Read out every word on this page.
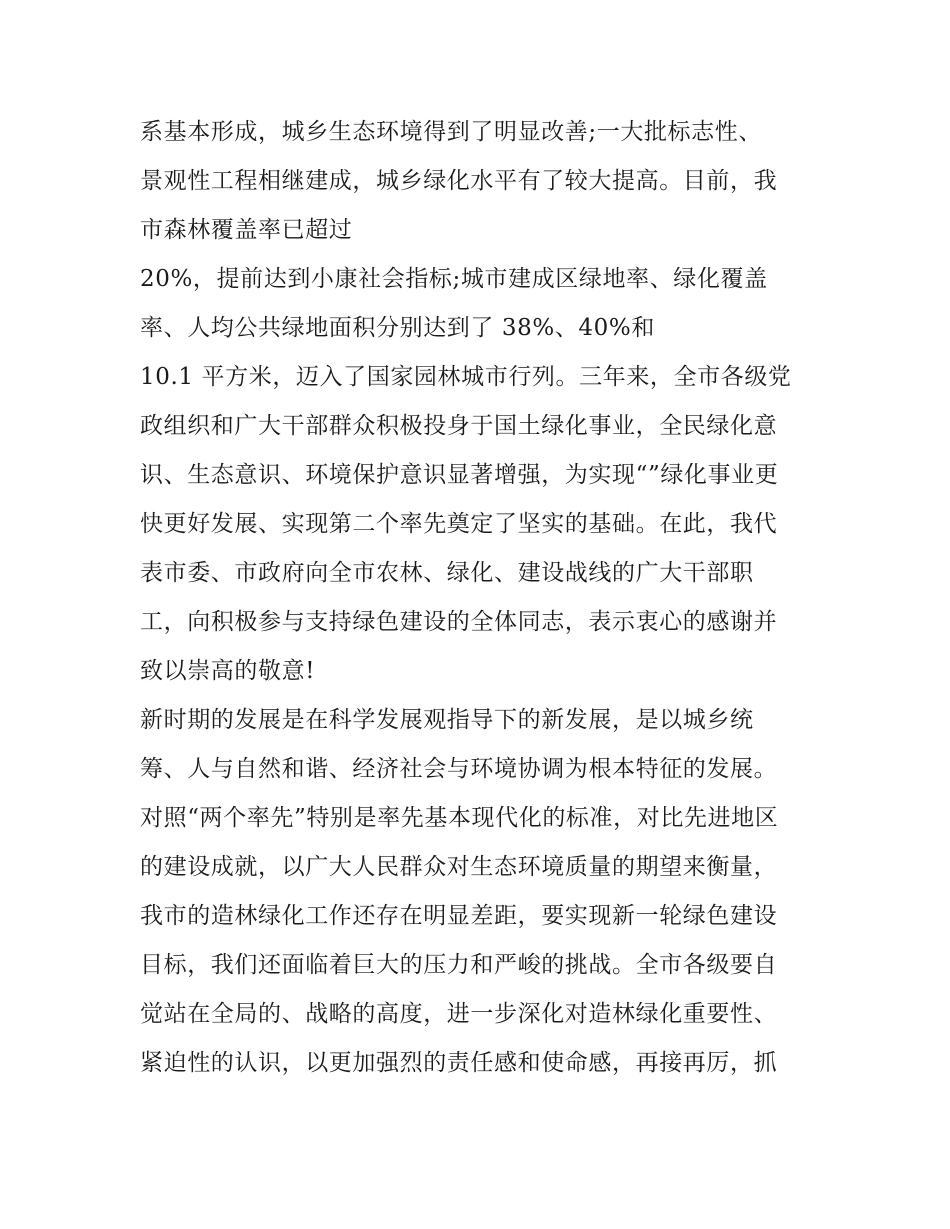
系基本形成，城乡生态环境得到了明显改善;一大批标志性、
景观性工程相继建成，城乡绿化水平有了较大提高。目前，我
市森林覆盖率已超过
20%，提前达到小康社会指标;城市建成区绿地率、绿化覆盖
率、人均公共绿地面积分别达到了 38%、40%和
10.1 平方米，迈入了国家园林城市行列。三年来，全市各级党
政组织和广大干部群众积极投身于国土绿化事业，全民绿化意
识、生态意识、环境保护意识显著增强，为实现“”绿化事业更
快更好发展、实现第二个率先奠定了坚实的基础。在此，我代
表市委、市政府向全市农林、绿化、建设战线的广大干部职
工，向积极参与支持绿色建设的全体同志，表示衷心的感谢并
致以崇高的敬意!
新时期的发展是在科学发展观指导下的新发展，是以城乡统
筹、人与自然和谐、经济社会与环境协调为根本特征的发展。
对照“两个率先”特别是率先基本现代化的标准，对比先进地区
的建设成就，以广大人民群众对生态环境质量的期望来衡量，
我市的造林绿化工作还存在明显差距，要实现新一轮绿色建设
目标，我们还面临着巨大的压力和严峻的挑战。全市各级要自
觉站在全局的、战略的高度，进一步深化对造林绿化重要性、
紧迫性的认识，以更加强烈的责任感和使命感，再接再厉，抓
